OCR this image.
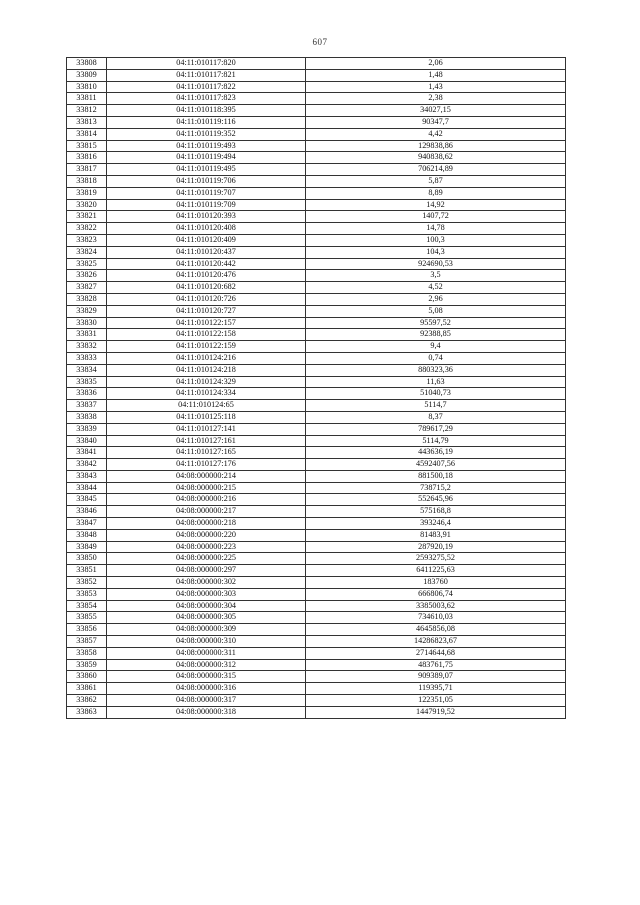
607
33808	04:11:010117:820	2,06
33809	04:11:010117:821	1,48
33810	04:11:010117:822	1,43
33811	04:11:010117:823	2,38
33812	04:11:010118:395	34027,15
33813	04:11:010119:116	90347,7
33814	04:11:010119:352	4,42
33815	04:11:010119:493	129838,86
33816	04:11:010119:494	940838,62
33817	04:11:010119:495	706214,89
33818	04:11:010119:706	5,87
33819	04:11:010119:707	8,89
33820	04:11:010119:709	14,92
33821	04:11:010120:393	1407,72
33822	04:11:010120:408	14,78
33823	04:11:010120:409	100,3
33824	04:11:010120:437	104,3
33825	04:11:010120:442	924690,53
33826	04:11:010120:476	3,5
33827	04:11:010120:682	4,52
33828	04:11:010120:726	2,96
33829	04:11:010120:727	5,08
33830	04:11:010122:157	95597,52
33831	04:11:010122:158	92388,85
33832	04:11:010122:159	9,4
33833	04:11:010124:216	0,74
33834	04:11:010124:218	880323,36
33835	04:11:010124:329	11,63
33836	04:11:010124:334	51040,73
33837	04:11:010124:65	5114,7
33838	04:11:010125:118	8,37
33839	04:11:010127:141	789617,29
33840	04:11:010127:161	5114,79
33841	04:11:010127:165	443636,19
33842	04:11:010127:176	4592407,56
33843	04:08:000000:214	881500,18
33844	04:08:000000:215	738715,2
33845	04:08:000000:216	552645,96
33846	04:08:000000:217	575168,8
33847	04:08:000000:218	393246,4
33848	04:08:000000:220	81483,91
33849	04:08:000000:223	287920,19
33850	04:08:000000:225	2593275,52
33851	04:08:000000:297	6411225,63
33852	04:08:000000:302	183760
33853	04:08:000000:303	666806,74
33854	04:08:000000:304	3385003,62
33855	04:08:000000:305	734610,03
33856	04:08:000000:309	4645856,08
33857	04:08:000000:310	14286823,67
33858	04:08:000000:311	2714644,68
33859	04:08:000000:312	483761,75
33860	04:08:000000:315	909389,07
33861	04:08:000000:316	119395,71
33862	04:08:000000:317	122351,05
33863	04:08:000000:318	1447919,52
